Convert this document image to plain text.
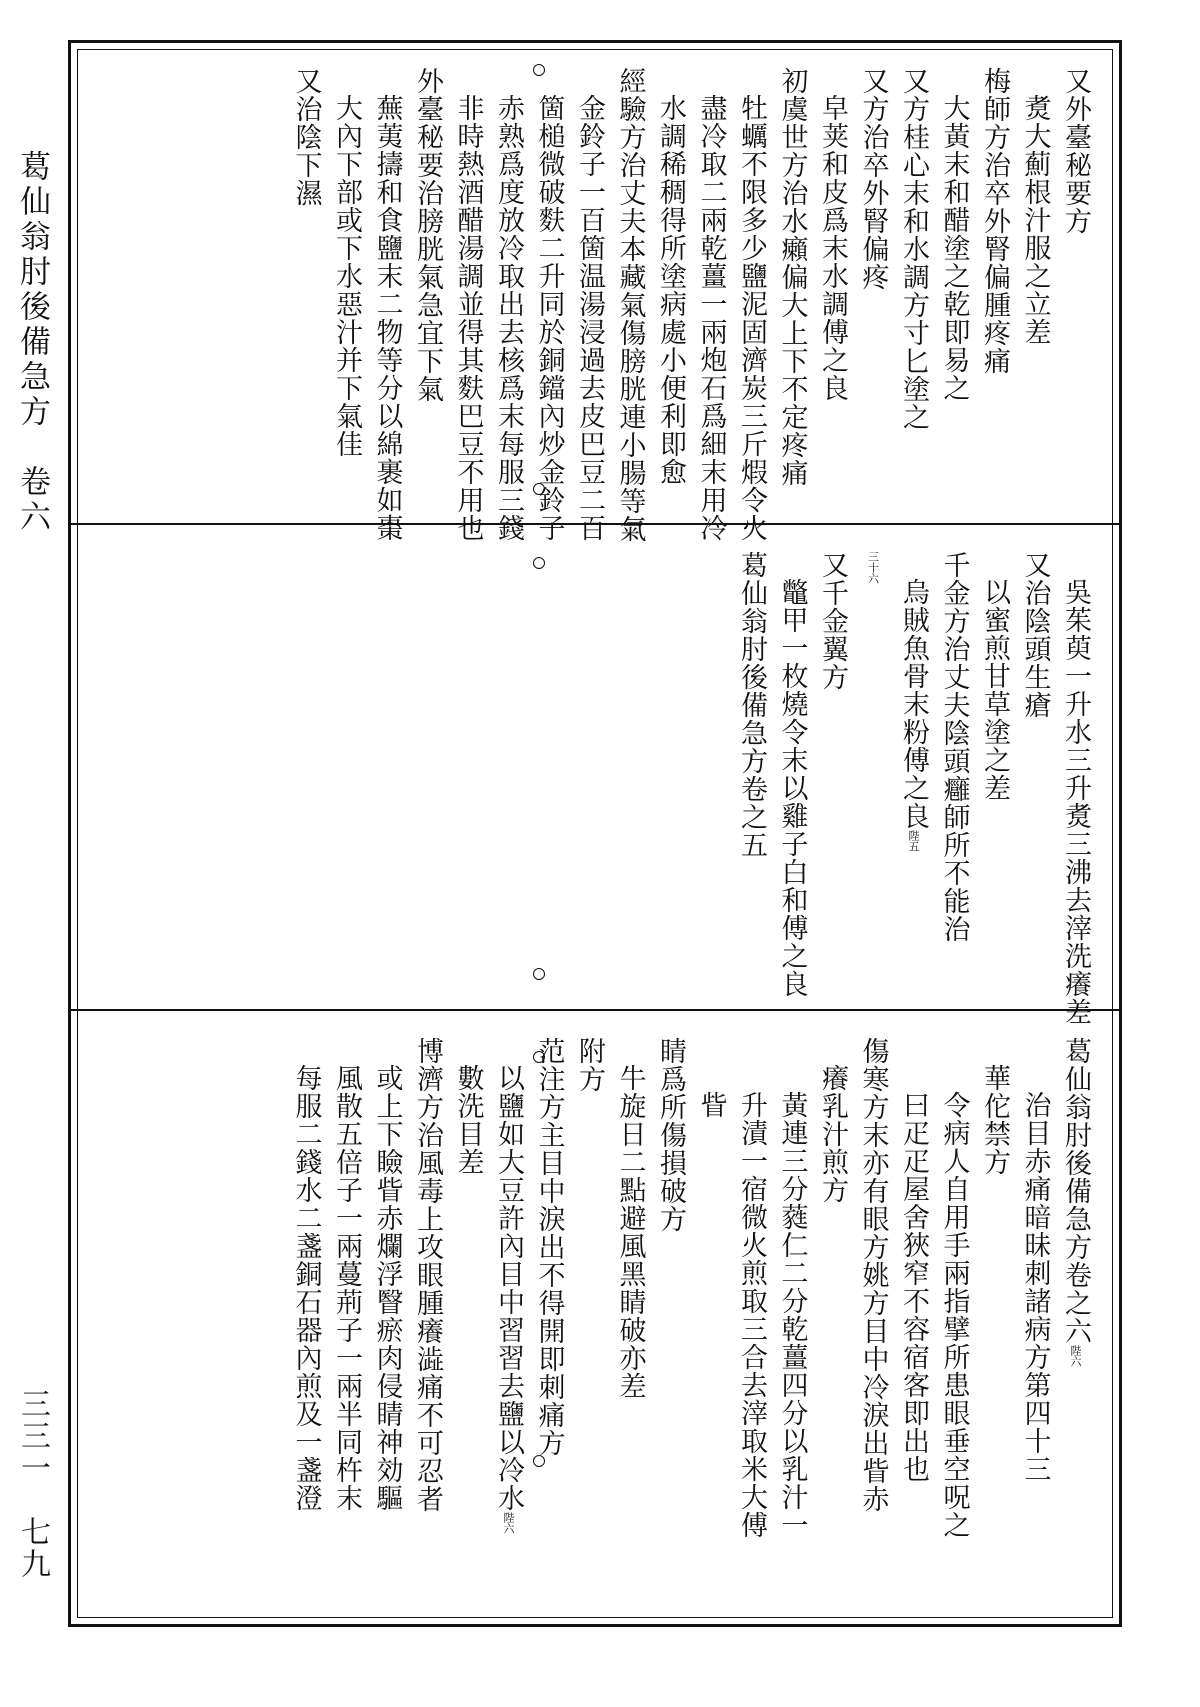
葛仙翁肘後備急方　卷六
三三一　七九
又外臺秘要方
煑大薊根汁服之立差
梅師方治卒外腎偏腫疼痛
大黃末和醋塗之乾即易之
又方桂心末和水調方寸匕塗之
又方治卒外腎偏疼
皁荚和皮爲末水調傅之良
初虞世方治水癩偏大上下不定疼痛
牡蠣不限多少鹽泥固濟炭三斤煆令火
盡冷取二兩乾薑一兩炮石爲細末用冷
水調稀稠得所塗病處小便利即愈
經驗方治丈夫本藏氣傷膀胱連小腸等氣
金鈴子一百箇温湯浸過去皮巴豆二百
箇槌微破麩二升同於銅鐺內炒金鈴子
赤熟爲度放冷取出去核爲末每服三錢
非時熱酒醋湯調並得其麩巴豆不用也
外臺秘要治膀胱氣急宜下氣
蕪荑擣和食鹽末二物等分以綿裹如棗
大內下部或下水惡汁并下氣佳
又治陰下濕
吳茱萸一升水三升煑三沸去滓洗癢差
又治陰頭生瘡
以蜜煎甘草塗之差
千金方治丈夫陰頭癰師所不能治
烏賊魚骨末粉傅之良陛五
三十六
又千金翼方
鼈甲一枚燒令末以雞子白和傅之良
葛仙翁肘後備急方卷之五
葛仙翁肘後備急方卷之六陛六
治目赤痛暗昧刺諸病方第四十三
華佗禁方
令病人自用手兩指擘所患眼垂空呪之
曰疋疋屋舍狹窄不容宿客即出也
傷寒方末亦有眼方姚方目中冷淚出眥赤
癢乳汁煎方
黃連三分蕤仁二分乾薑四分以乳汁一
升漬一宿微火煎取三合去滓取米大傅
眥
睛爲所傷損破方
牛旋日二點避風黑睛破亦差
附方
范注方主目中淚出不得開即刺痛方
以鹽如大豆許內目中習習去鹽以冷水陛六
數洗目差
博濟方治風毒上攻眼腫癢澁痛不可忍者
或上下瞼眥赤爛浮瞖瘀肉侵睛神効驅
風散五倍子一兩蔓荊子一兩半同杵末
每服二錢水二盞銅石器內煎及一盞澄
